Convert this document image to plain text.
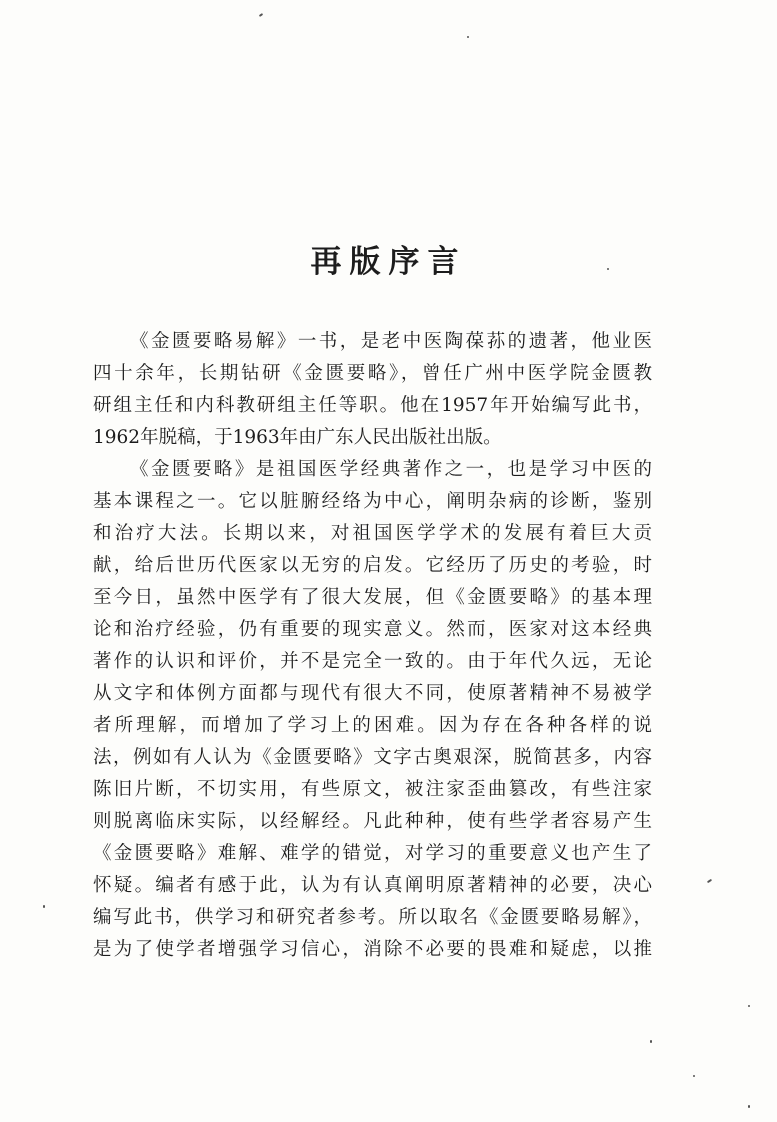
再版序言
《金匮要略易解》一书，是老中医陶葆荪的遗著，他业医
四十余年，长期钻研《金匮要略》，曾任广州中医学院金匮教
研组主任和内科教研组主任等职。他在1957年开始编写此书，
1962年脱稿，于1963年由广东人民出版社出版。
《金匮要略》是祖国医学经典著作之一，也是学习中医的
基本课程之一。它以脏腑经络为中心，阐明杂病的诊断，鉴别
和治疗大法。长期以来，对祖国医学学术的发展有着巨大贡
献，给后世历代医家以无穷的启发。它经历了历史的考验，时
至今日，虽然中医学有了很大发展，但《金匮要略》的基本理
论和治疗经验，仍有重要的现实意义。然而，医家对这本经典
著作的认识和评价，并不是完全一致的。由于年代久远，无论
从文字和体例方面都与现代有很大不同，使原著精神不易被学
者所理解，而增加了学习上的困难。因为存在各种各样的说
法，例如有人认为《金匮要略》文字古奥艰深，脱简甚多，内容
陈旧片断，不切实用，有些原文，被注家歪曲篡改，有些注家
则脱离临床实际，以经解经。凡此种种，使有些学者容易产生
《金匮要略》难解、难学的错觉，对学习的重要意义也产生了
怀疑。编者有感于此，认为有认真阐明原著精神的必要，决心
编写此书，供学习和研究者参考。所以取名《金匮要略易解》，
是为了使学者增强学习信心，消除不必要的畏难和疑虑，以推
